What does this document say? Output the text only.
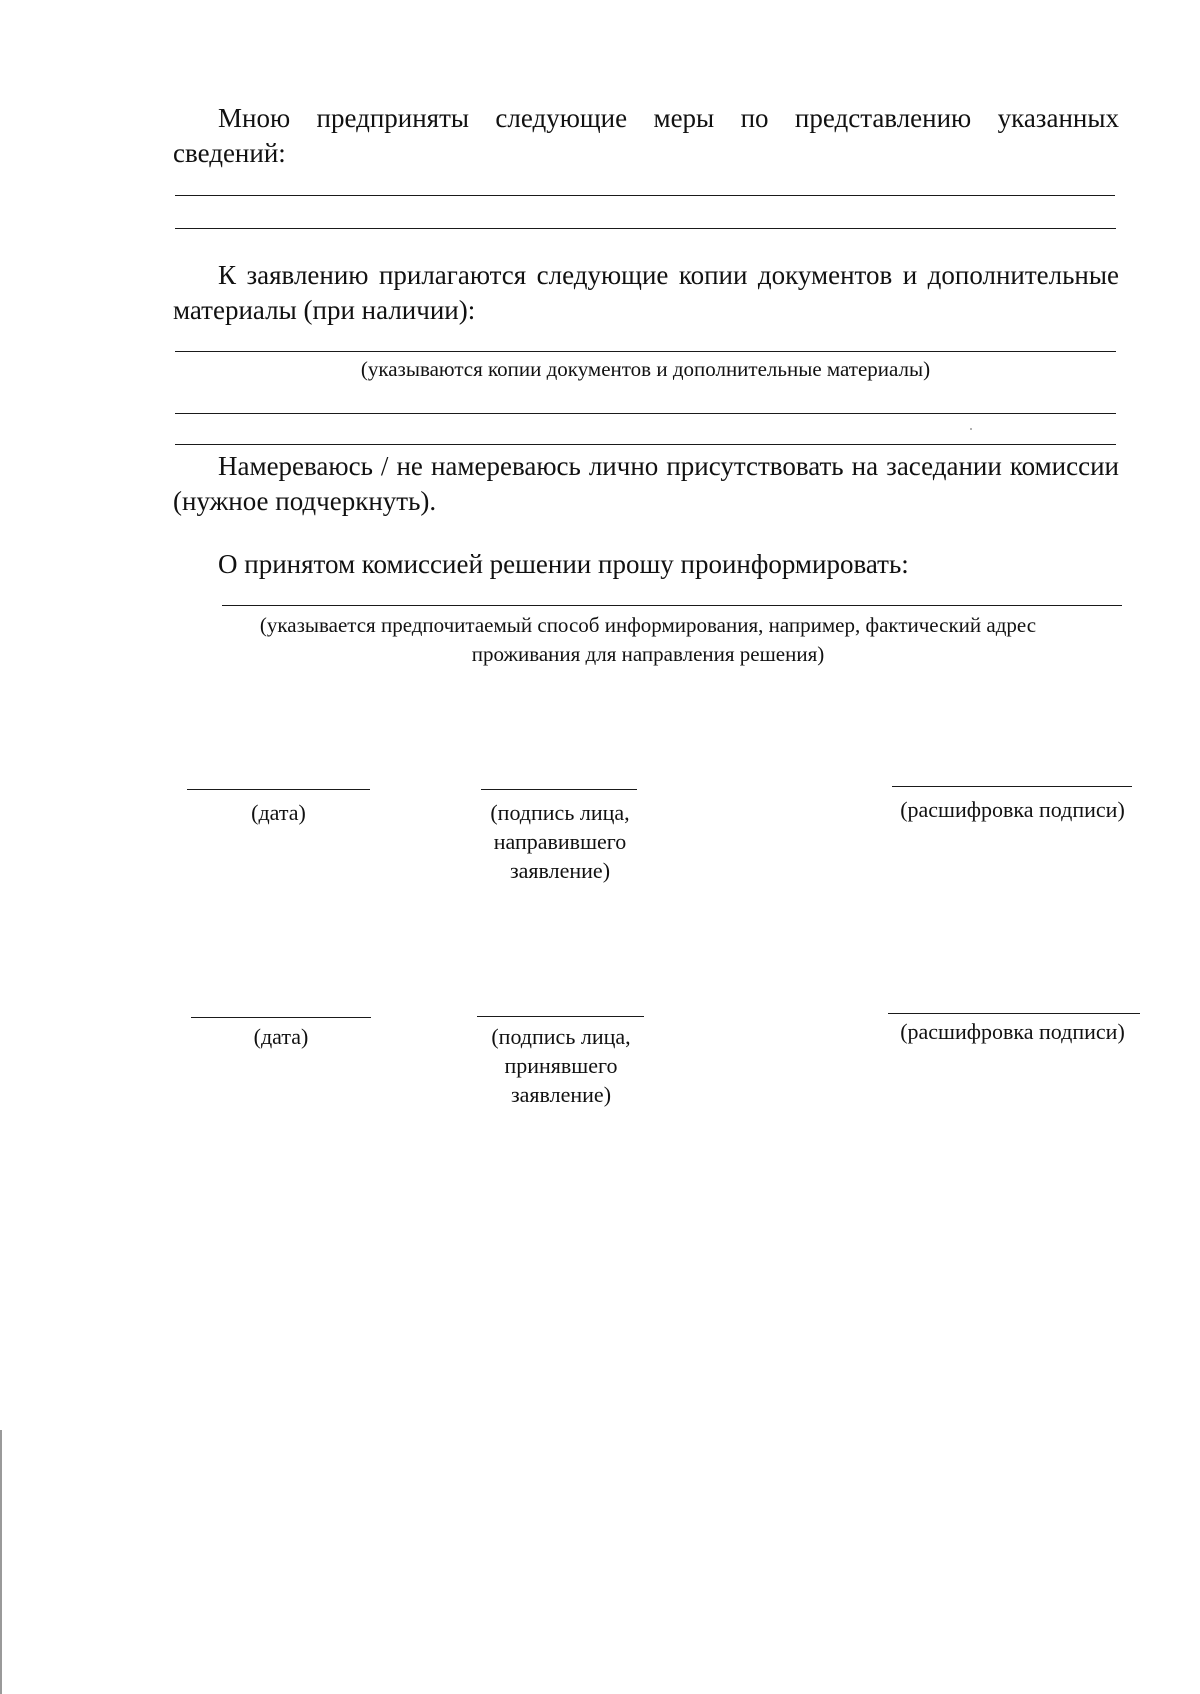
Мною предприняты следующие меры по представлению указанных сведений:

К заявлению прилагаются следующие копии документов и дополнительные материалы (при наличии):

(указываются копии документов и дополнительные материалы)

Намереваюсь / не намереваюсь лично присутствовать на заседании комиссии (нужное подчеркнуть).

О принятом комиссией решении прошу проинформировать:

(указывается предпочитаемый способ информирования, например, фактический адрес

проживания для направления решения)

(дата)	(подпись лица,

направившего

заявление)

(расшифровка подписи)

(дата)	(подпись лица,

принявшего

заявление)

(расшифровка подписи)
